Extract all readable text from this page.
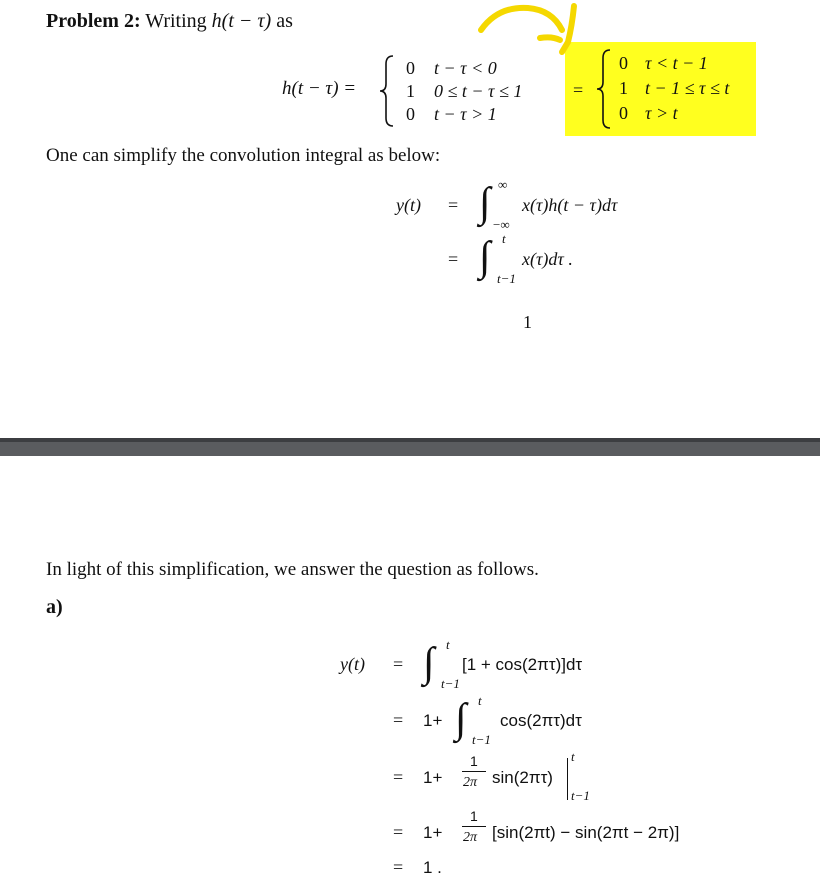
Problem 2: Writing h(t − τ) as
h(t − τ) =
0 t − τ < 0
1 0 ≤ t − τ ≤ 1
0 t − τ > 1
=
0 τ < t − 1
1 t − 1 ≤ τ ≤ t
0 τ > t
One can simplify the convolution integral as below:
y(t) = ∫ ∞
−∞
x(τ)h(t − τ)dτ
= ∫ t
t−1
x(τ)dτ .
1
In light of this simplification, we answer the question as follows.
a)
y(t) = ∫ t
t−1
[1 + cos(2πτ)]dτ
= 1+ ∫ t
t−1
cos(2πτ)dτ
= 1+
1
2π sin(2πτ)
t
t−1
= 1+
1
2π [sin(2πt) − sin(2πt − 2π)]
= 1 .
